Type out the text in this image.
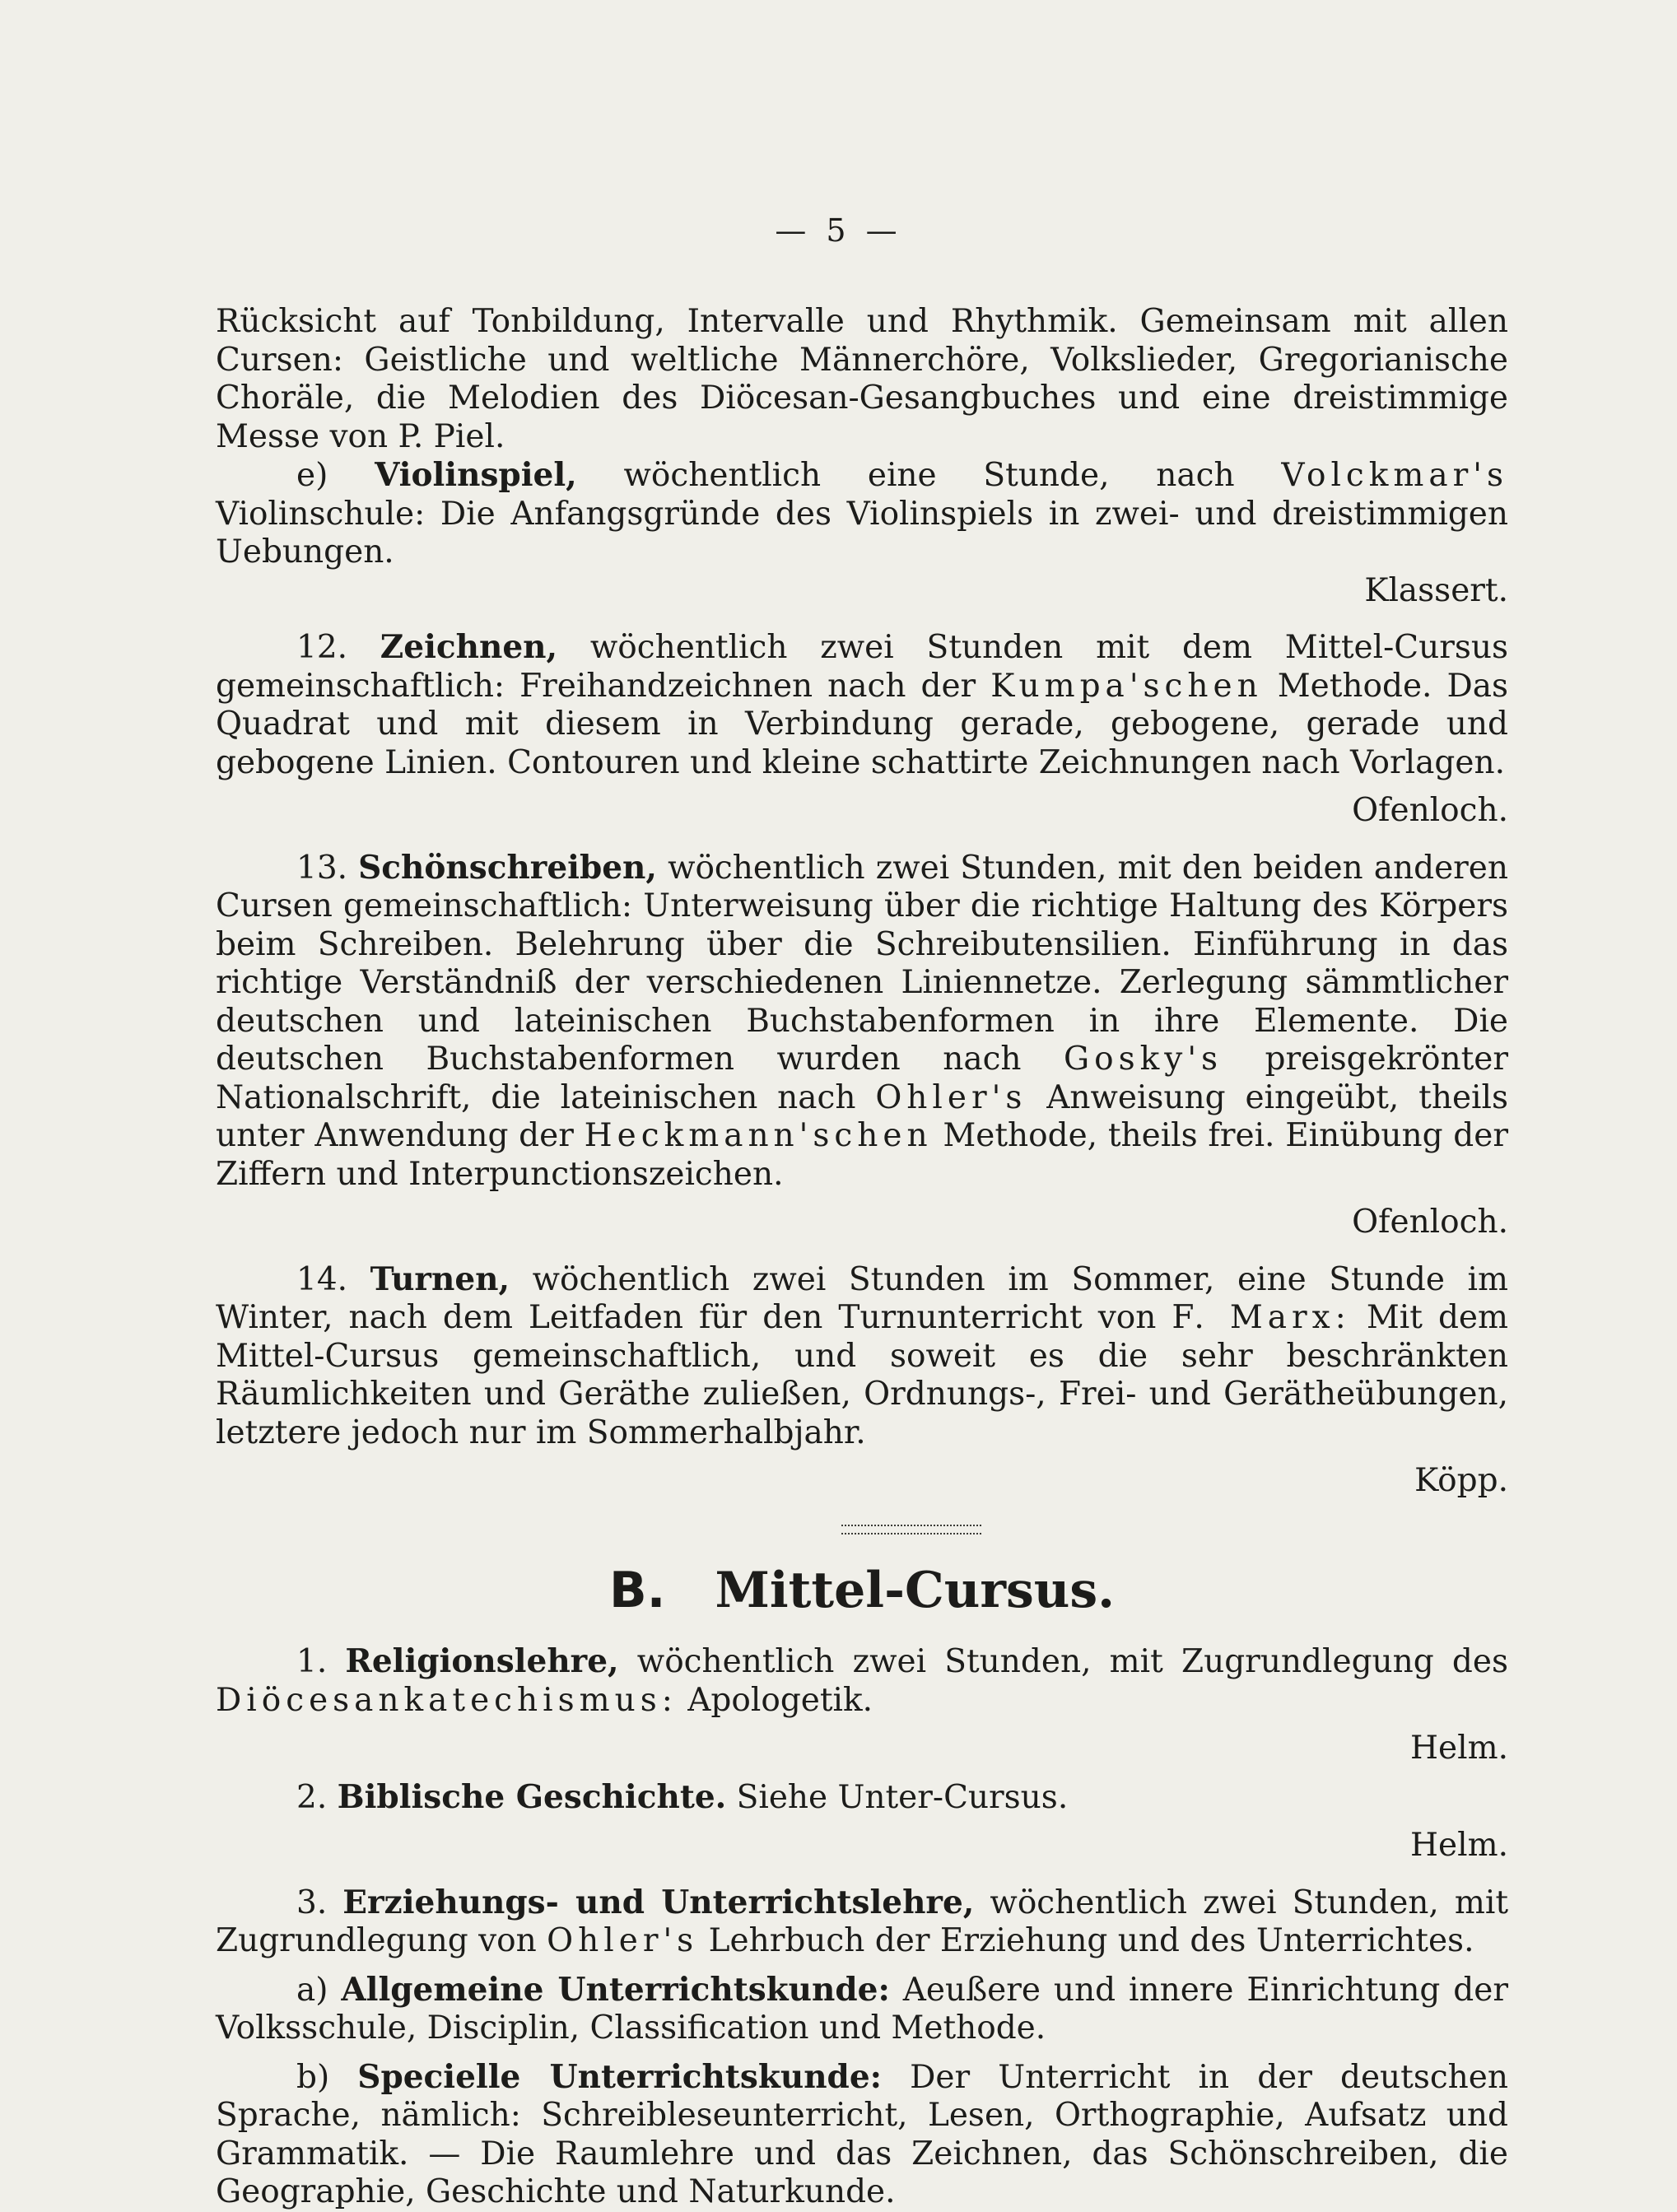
— 5 —

Rücksicht auf Tonbildung, Intervalle und Rhythmik. Gemeinsam mit allen Cursen: Geistliche und weltliche Männerchöre, Volkslieder, Gregorianische Choräle, die Melodien des Diöcesan-Gesangbuches und eine dreistimmige Messe von P. Piel.

e) Violinspiel, wöchentlich eine Stunde, nach Volckmar's Violinschule: Die Anfangsgründe des Violinspiels in zwei- und dreistimmigen Uebungen.

Klassert.

12. Zeichnen, wöchentlich zwei Stunden mit dem Mittel-Cursus gemeinschaftlich: Freihandzeichnen nach der Kumpa'schen Methode. Das Quadrat und mit diesem in Verbindung gerade, gebogene, gerade und gebogene Linien. Contouren und kleine schattirte Zeichnungen nach Vorlagen.

Ofenloch.

13. Schönschreiben, wöchentlich zwei Stunden, mit den beiden anderen Cursen gemeinschaftlich: Unterweisung über die richtige Haltung des Körpers beim Schreiben. Belehrung über die Schreibutensilien. Einführung in das richtige Verständniß der verschiedenen Liniennetze. Zerlegung sämmtlicher deutschen und lateinischen Buchstabenformen in ihre Elemente. Die deutschen Buchstabenformen wurden nach Gosky's preisgekrönter Nationalschrift, die lateinischen nach Ohler's Anweisung eingeübt, theils unter Anwendung der Heckmann'schen Methode, theils frei. Einübung der Ziffern und Interpunctionszeichen.

Ofenloch.

14. Turnen, wöchentlich zwei Stunden im Sommer, eine Stunde im Winter, nach dem Leitfaden für den Turnunterricht von F. Marx: Mit dem Mittel-Cursus gemeinschaftlich, und soweit es die sehr beschränkten Räumlichkeiten und Geräthe zuließen, Ordnungs-, Frei- und Gerätheübungen, letztere jedoch nur im Sommerhalbjahr.

Köpp.

B. Mittel-Cursus.

1. Religionslehre, wöchentlich zwei Stunden, mit Zugrundlegung des Diöcesankatechismus: Apologetik.

Helm.

2. Biblische Geschichte. Siehe Unter-Cursus.

Helm.

3. Erziehungs- und Unterrichtslehre, wöchentlich zwei Stunden, mit Zugrundlegung von Ohler's Lehrbuch der Erziehung und des Unterrichtes.

a) Allgemeine Unterrichtskunde: Aeußere und innere Einrichtung der Volksschule, Disciplin, Classification und Methode.

b) Specielle Unterrichtskunde: Der Unterricht in der deutschen Sprache, nämlich: Schreibleseunterricht, Lesen, Orthographie, Aufsatz und Grammatik. — Die Raumlehre und das Zeichnen, das Schönschreiben, die Geographie, Geschichte und Naturkunde.
